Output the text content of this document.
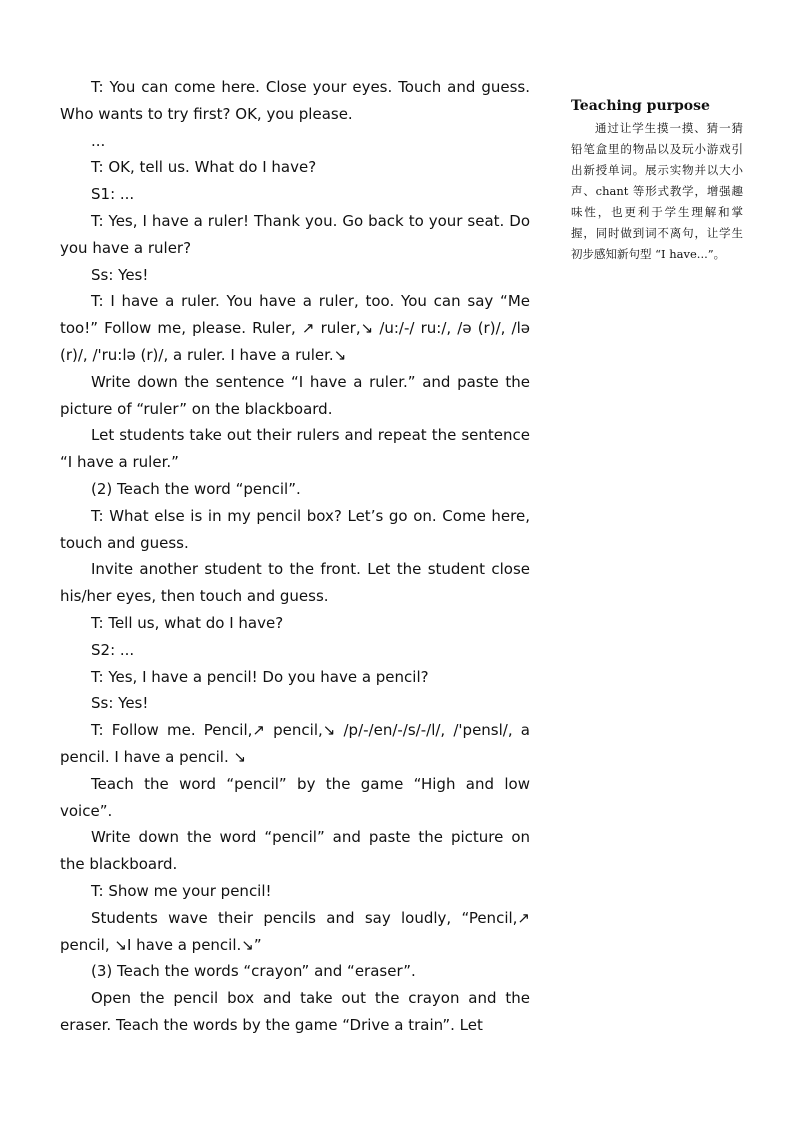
T: You can come here. Close your eyes. Touch and guess. Who wants to try first? OK, you please.

...

T: OK, tell us. What do I have?

S1: ...

T: Yes, I have a ruler! Thank you. Go back to your seat. Do you have a ruler?

Ss: Yes!

T: I have a ruler. You have a ruler, too. You can say “Me too!” Follow me, please. Ruler, ↗ ruler,↘ /u:/-/ ru:/, /ə (r)/, /lə (r)/, /'ru:lə (r)/, a ruler. I have a ruler.↘

Write down the sentence “I have a ruler.” and paste the picture of “ruler” on the blackboard.

Let students take out their rulers and repeat the sentence “I have a ruler.”

(2) Teach the word “pencil”.

T: What else is in my pencil box? Let’s go on. Come here, touch and guess.

Invite another student to the front. Let the student close his/her eyes, then touch and guess.

T: Tell us, what do I have?

S2: ...

T: Yes, I have a pencil! Do you have a pencil?

Ss: Yes!

T: Follow me. Pencil,↗ pencil,↘ /p/-/en/-/s/-/l/, /'pensl/, a pencil. I have a pencil. ↘

Teach the word “pencil” by the game “High and low voice”.

Write down the word “pencil” and paste the picture on the blackboard.

T: Show me your pencil!

Students wave their pencils and say loudly, “Pencil,↗ pencil, ↘I have a pencil.↘”

(3) Teach the words “crayon” and “eraser”.

Open the pencil box and take out the crayon and the eraser. Teach the words by the game “Drive a train”. Let

Teaching purpose

通过让学生摸一摸、猜一猜铅笔盒里的物品以及玩小游戏引出新授单词。展示实物并以大小声、chant 等形式教学，增强趣味性，也更利于学生理解和掌握，同时做到词不离句，让学生初步感知新句型 “I have...”。
